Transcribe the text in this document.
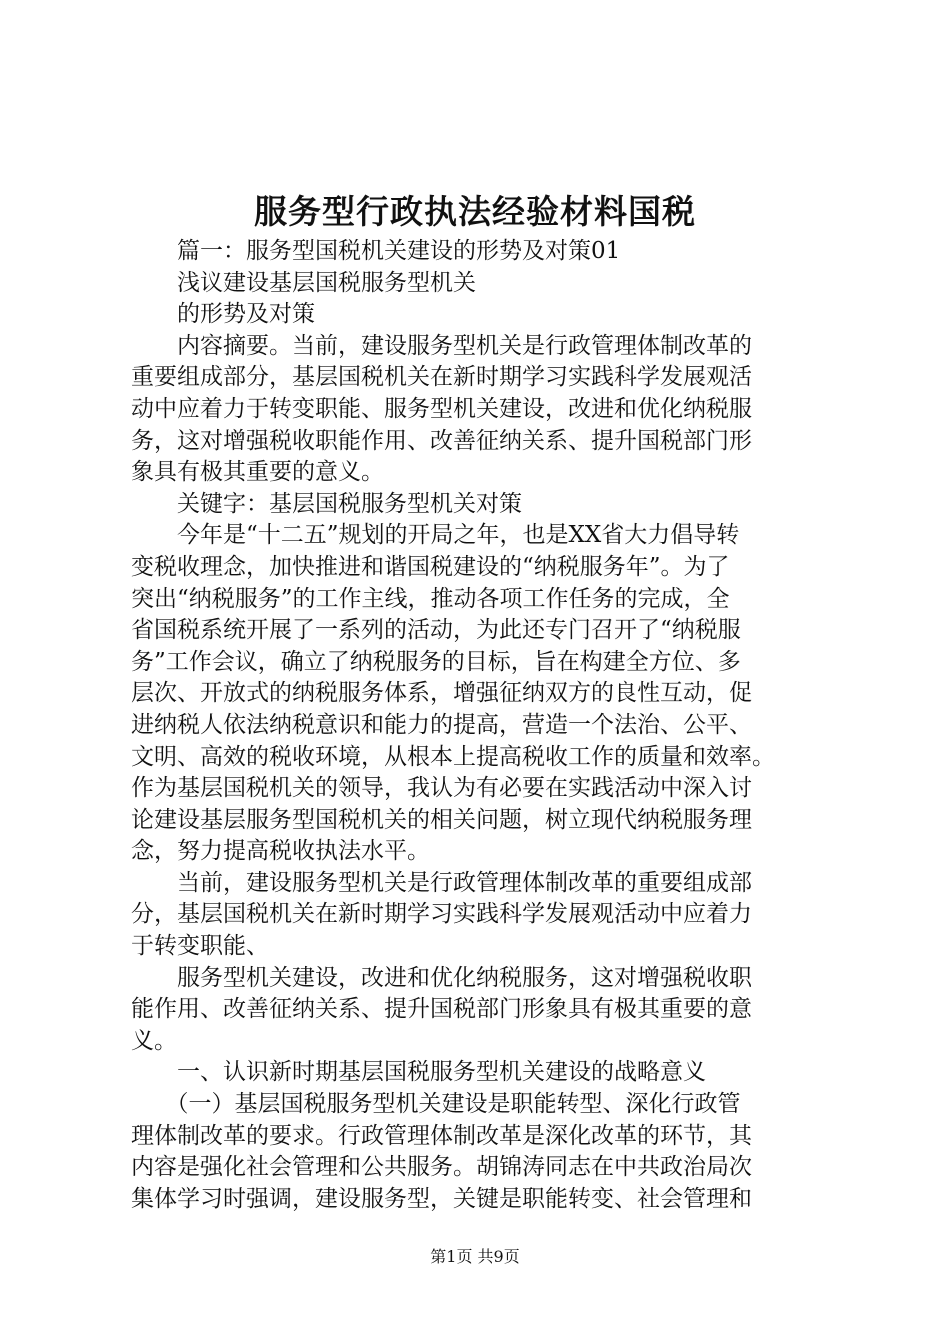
服务型行政执法经验材料国税
　　篇一：服务型国税机关建设的形势及对策01
　　浅议建设基层国税服务型机关
　　的形势及对策
　　内容摘要。当前，建设服务型机关是行政管理体制改革的
重要组成部分，基层国税机关在新时期学习实践科学发展观活
动中应着力于转变职能、服务型机关建设，改进和优化纳税服
务，这对增强税收职能作用、改善征纳关系、提升国税部门形
象具有极其重要的意义。
　　关键字：基层国税服务型机关对策
　　今年是“十二五”规划的开局之年，也是XX省大力倡导转
变税收理念，加快推进和谐国税建设的“纳税服务年”。为了
突出“纳税服务”的工作主线，推动各项工作任务的完成，全
省国税系统开展了一系列的活动，为此还专门召开了“纳税服
务”工作会议，确立了纳税服务的目标，旨在构建全方位、多
层次、开放式的纳税服务体系，增强征纳双方的良性互动，促
进纳税人依法纳税意识和能力的提高，营造一个法治、公平、
文明、高效的税收环境，从根本上提高税收工作的质量和效率。
作为基层国税机关的领导，我认为有必要在实践活动中深入讨
论建设基层服务型国税机关的相关问题，树立现代纳税服务理
念，努力提高税收执法水平。
　　当前，建设服务型机关是行政管理体制改革的重要组成部
分，基层国税机关在新时期学习实践科学发展观活动中应着力
于转变职能、
　　服务型机关建设，改进和优化纳税服务，这对增强税收职
能作用、改善征纳关系、提升国税部门形象具有极其重要的意
义。
　　一、认识新时期基层国税服务型机关建设的战略意义
　　（一）基层国税服务型机关建设是职能转型、深化行政管
理体制改革的要求。行政管理体制改革是深化改革的环节，其
内容是强化社会管理和公共服务。胡锦涛同志在中共政治局次
集体学习时强调，建设服务型，关键是职能转变、社会管理和
第1页 共9页
